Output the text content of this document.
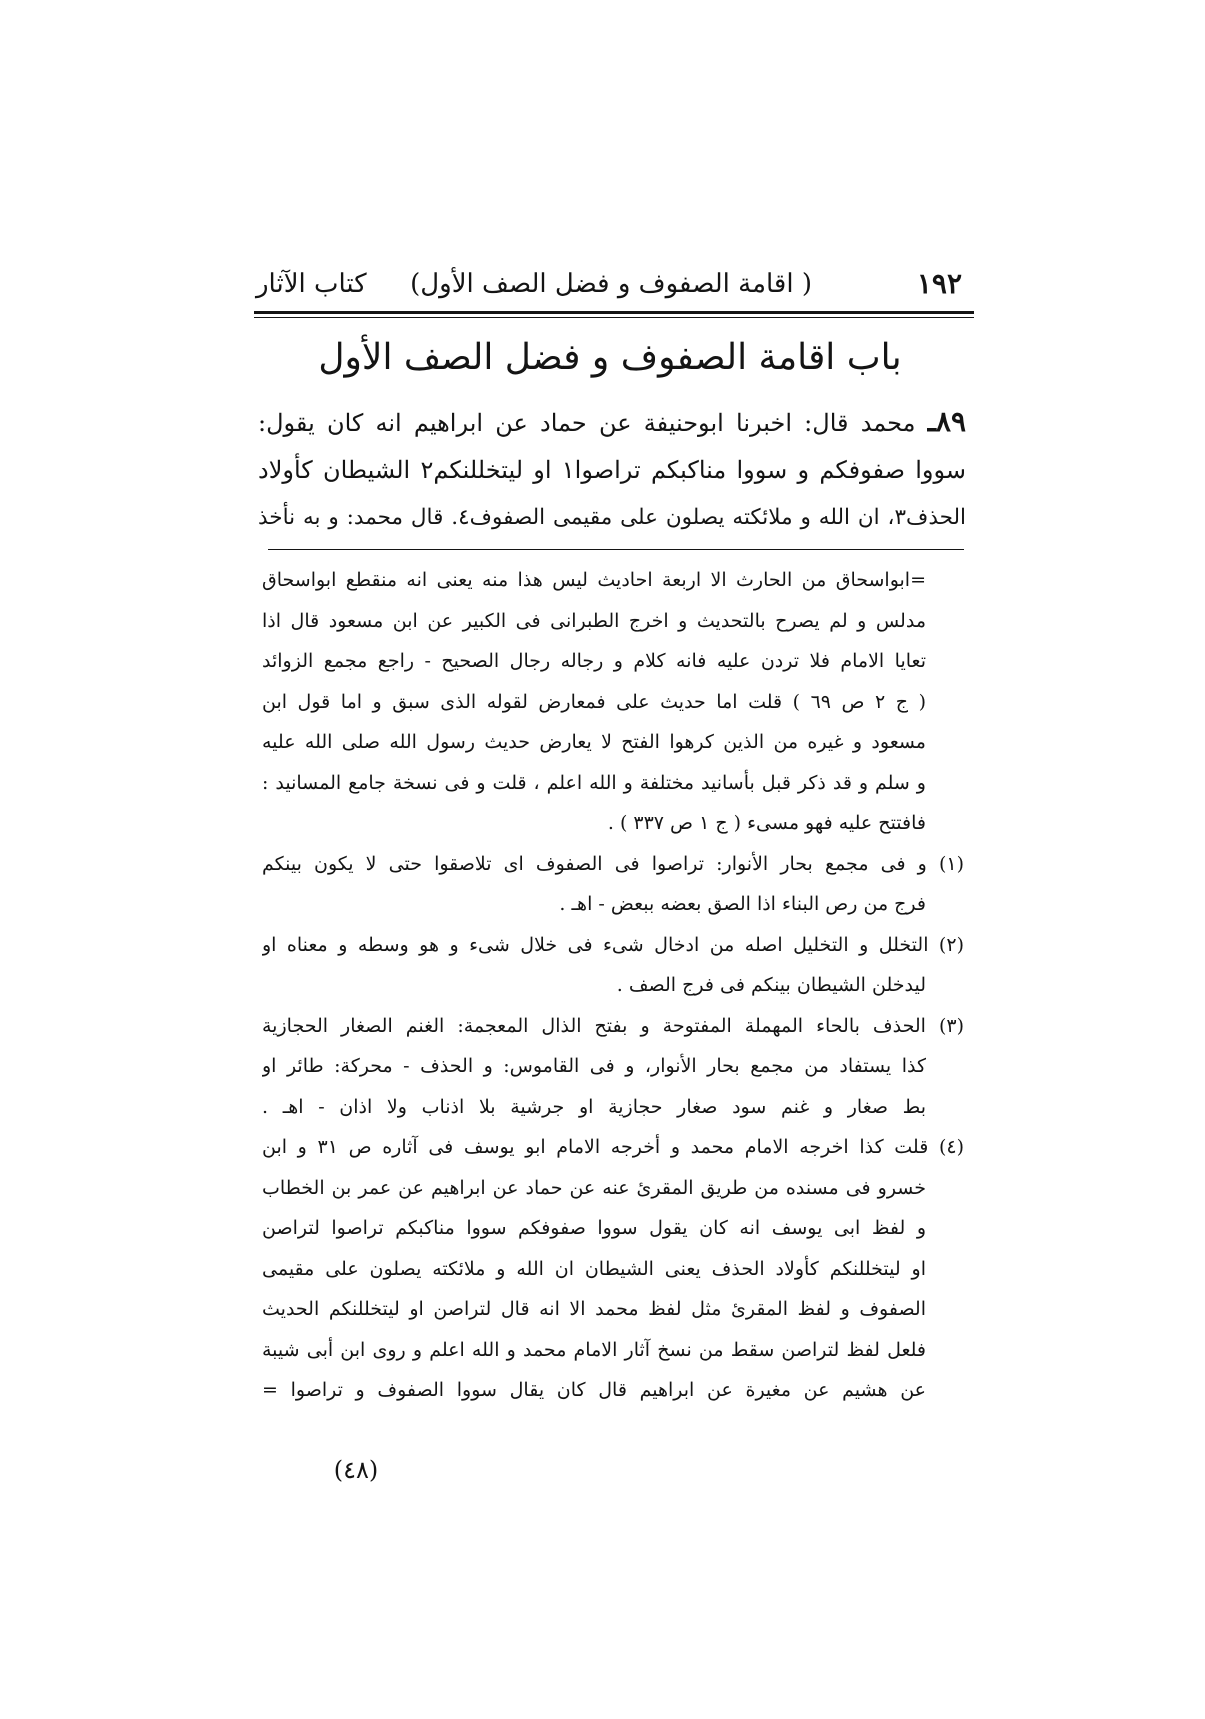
١٩٢
( اقامة الصفوف و فضل الصف الأول)
كتاب الآثار
باب اقامة الصفوف و فضل الصف الأول
٨٩ـ محمد قال: اخبرنا ابوحنيفة عن حماد عن ابراهيم انه كان يقول:
سووا صفوفكم و سووا مناكبكم تراصوا١ او ليتخللنكم٢ الشيطان كأولاد
الحذف٣، ان الله و ملائكته يصلون على مقيمى الصفوف٤. قال محمد: و به نأخذ
=ابواسحاق من الحارث الا اربعة احاديث ليس هذا منه يعنى انه منقطع ابواسحاق
مدلس و لم يصرح بالتحديث و اخرج الطبرانى فى الكبير عن ابن مسعود قال اذا
تعايا الامام فلا تردن عليه فانه كلام و رجاله رجال الصحيح - راجع مجمع الزوائد
( ج ٢ ص ٦٩ ) قلت اما حديث على فمعارض لقوله الذى سبق و اما قول ابن
مسعود و غيره من الذين كرهوا الفتح لا يعارض حديث رسول الله صلى الله عليه
و سلم و قد ذكر قبل بأسانيد مختلفة و الله اعلم ، قلت و فى نسخة جامع المسانيد :
فافتتح عليه فهو مسىء ( ج ١ ص ٣٣٧ ) .
(١) و فى مجمع بحار الأنوار: تراصوا فى الصفوف اى تلاصقوا حتى لا يكون بينكم
فرج من رص البناء اذا الصق بعضه ببعض - اهـ .
(٢) التخلل و التخليل اصله من ادخال شىء فى خلال شىء و هو وسطه و معناه او
ليدخلن الشيطان بينكم فى فرج الصف .
(٣) الحذف بالحاء المهملة المفتوحة و بفتح الذال المعجمة: الغنم الصغار الحجازية
كذا يستفاد من مجمع بحار الأنوار، و فى القاموس: و الحذف - محركة: طائر او
بط صغار و غنم سود صغار حجازية او جرشية بلا اذناب ولا اذان - اهـ .
(٤) قلت كذا اخرجه الامام محمد و أخرجه الامام ابو يوسف فى آثاره ص ٣١ و ابن
خسرو فى مسنده من طريق المقرئ عنه عن حماد عن ابراهيم عن عمر بن الخطاب
و لفظ ابى يوسف انه كان يقول سووا صفوفكم سووا مناكبكم تراصوا لتراصن
او ليتخللنكم كأولاد الحذف يعنى الشيطان ان الله و ملائكته يصلون على مقيمى
الصفوف و لفظ المقرئ مثل لفظ محمد الا انه قال لتراصن او ليتخللنكم الحديث
فلعل لفظ لتراصن سقط من نسخ آثار الامام محمد و الله اعلم و روى ابن أبى شيبة
عن هشيم عن مغيرة عن ابراهيم قال كان يقال سووا الصفوف و تراصوا =
(٤٨)
